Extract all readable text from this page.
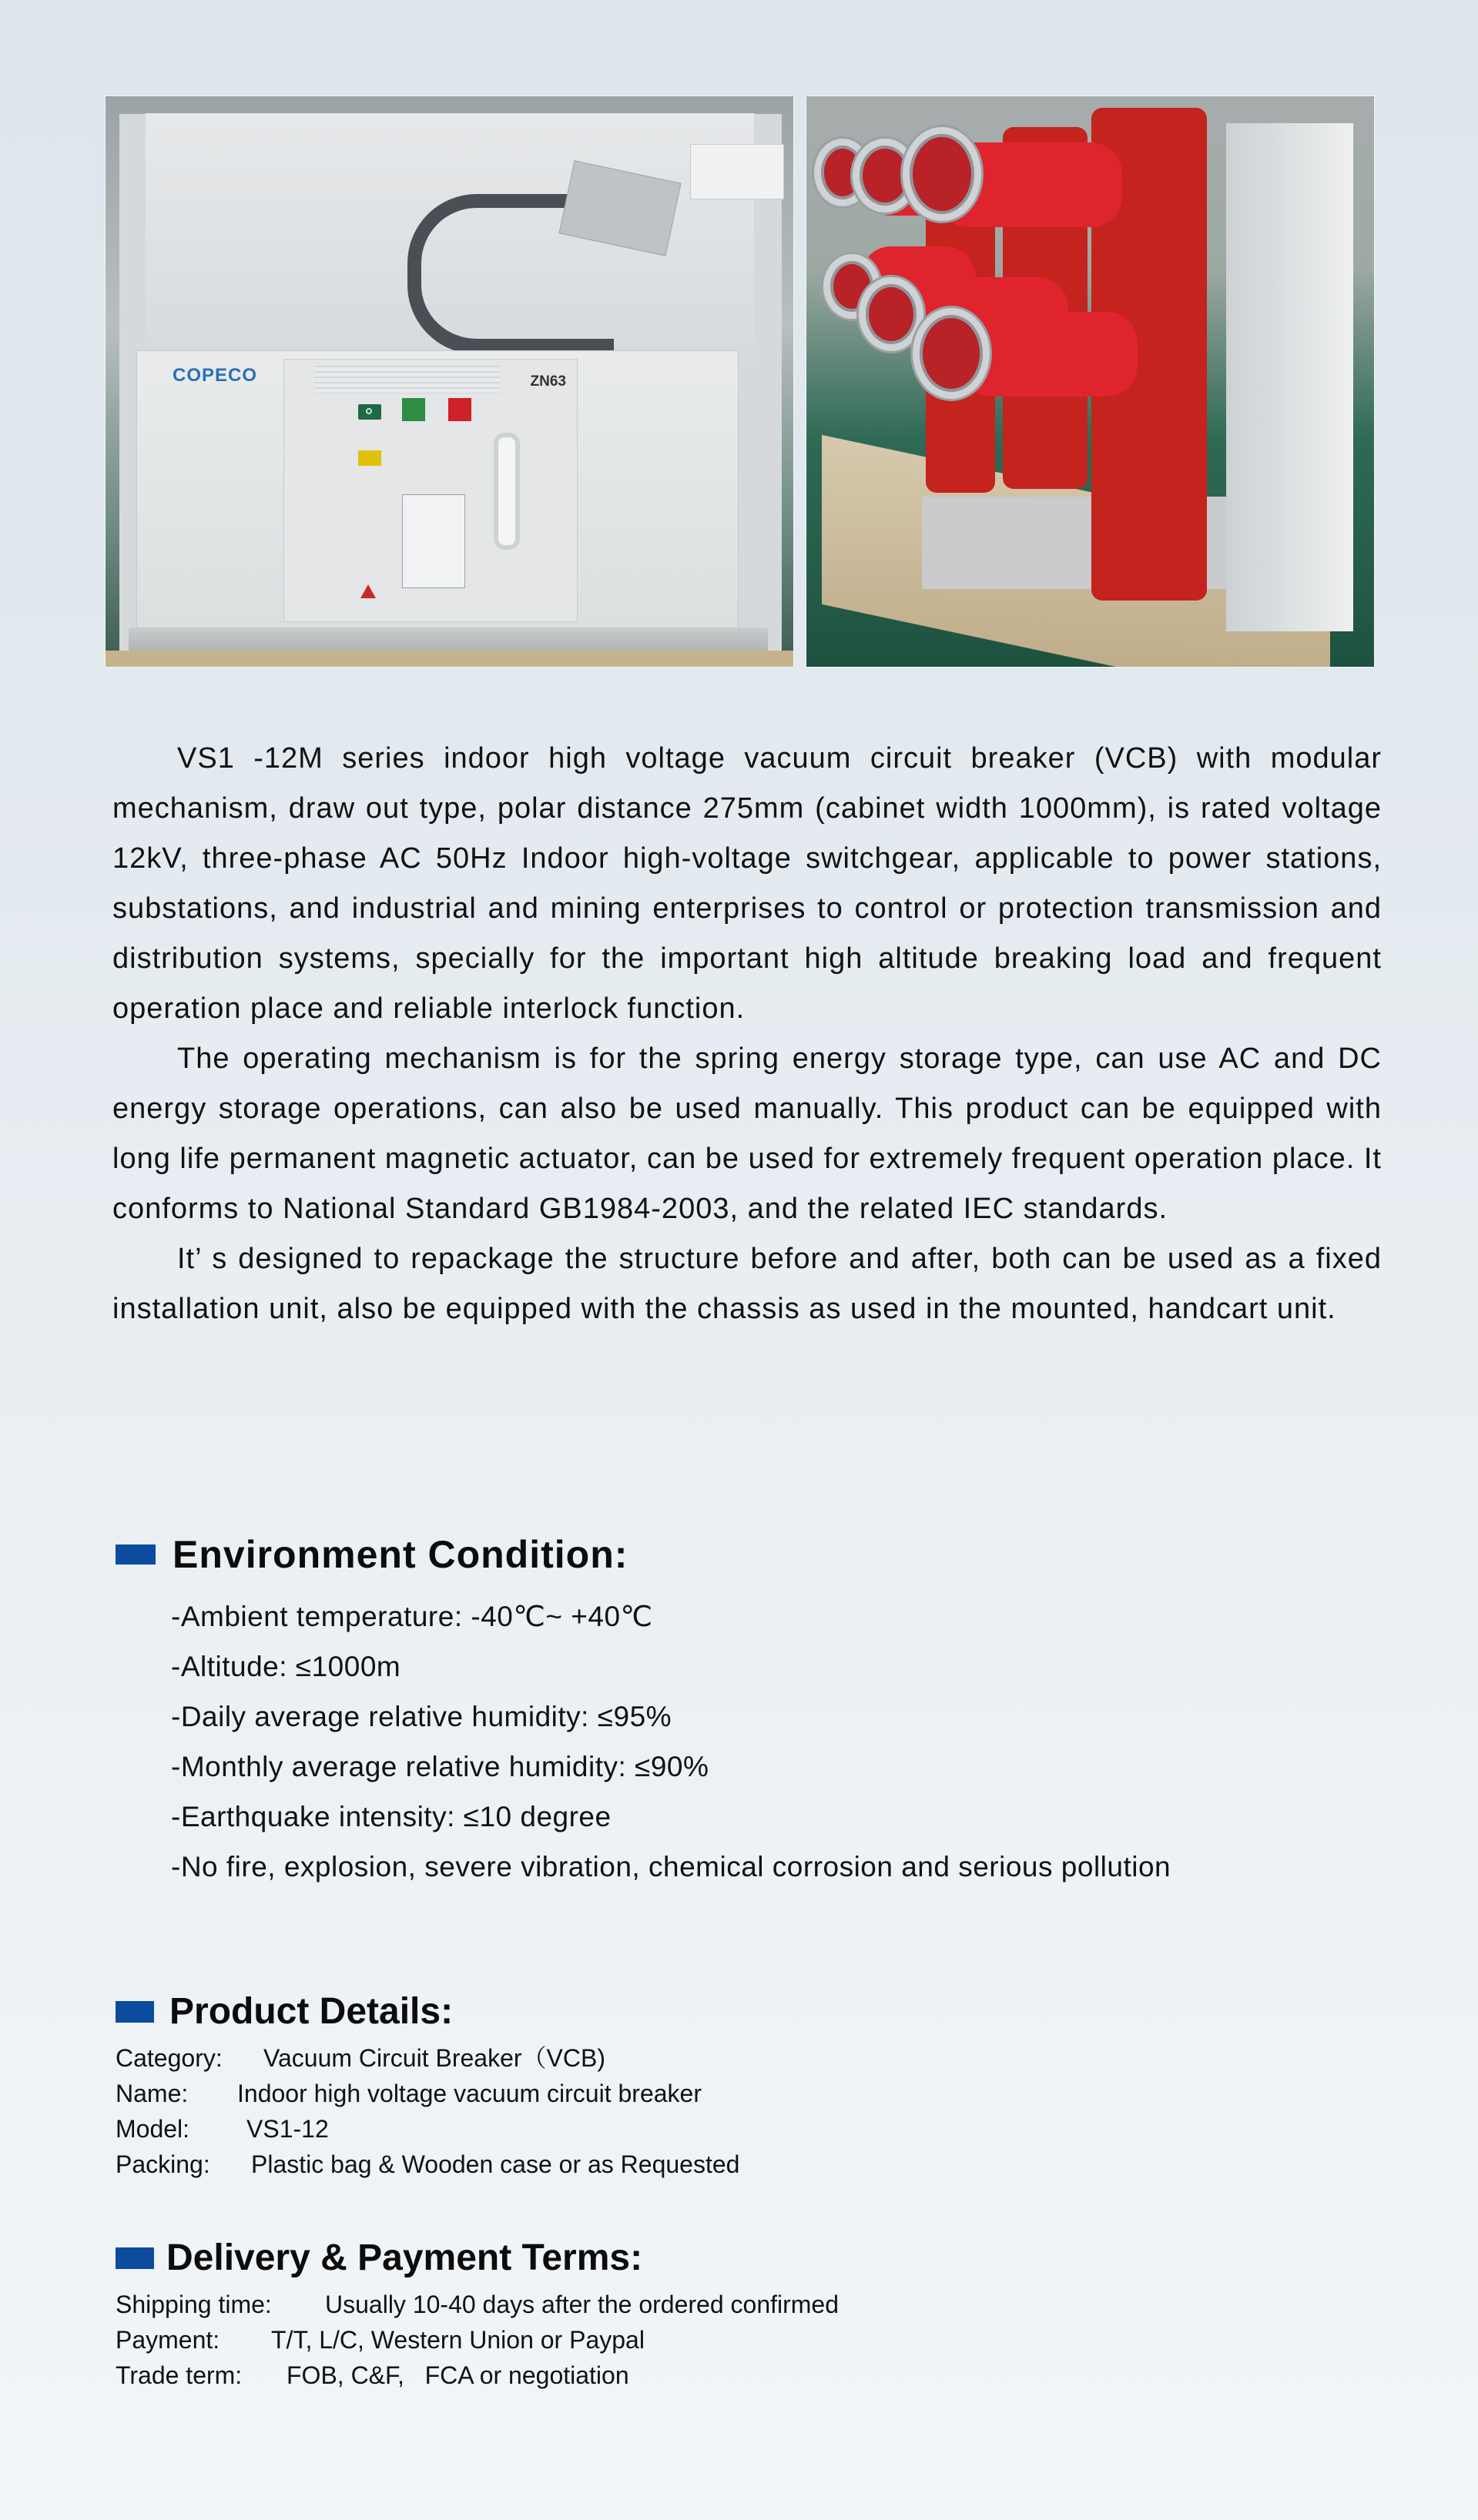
COPECO	ZN63

VS1 -12M series indoor high voltage vacuum circuit breaker (VCB) with modular mechanism, draw out type, polar distance 275mm (cabinet width 1000mm), is rated voltage 12kV, three-phase AC 50Hz Indoor high-voltage switchgear, applicable to power stations, substations, and industrial and mining enterprises to control or protection transmission and distribution systems, specially for the important high altitude breaking load and frequent operation place and reliable interlock function.

The operating mechanism is for the spring energy storage type, can use AC and DC energy storage operations, can also be used manually. This product can be equipped with long life permanent magnetic actuator, can be used for extremely frequent operation place. It conforms to National Standard GB1984-2003, and the related IEC standards.

It’ s designed to repackage the structure before and after, both can be used as a fixed installation unit, also be equipped with the chassis as used in the mounted, handcart unit.

Environment Condition:
-Ambient temperature: -40℃~ +40℃
-Altitude: ≤1000m
-Daily average relative humidity: ≤95%
-Monthly average relative humidity: ≤90%
-Earthquake intensity: ≤10 degree
-No fire, explosion, severe vibration, chemical corrosion and serious pollution
Product Details:
Category: Vacuum Circuit Breaker（VCB)
Name: Indoor high voltage vacuum circuit breaker
Model: VS1-12
Packing: Plastic bag & Wooden case or as Requested
Delivery & Payment Terms:
Shipping time: Usually 10-40 days after the ordered confirmed
Payment: T/T, L/C, Western Union or Paypal
Trade term: FOB, C&F,   FCA or negotiation
